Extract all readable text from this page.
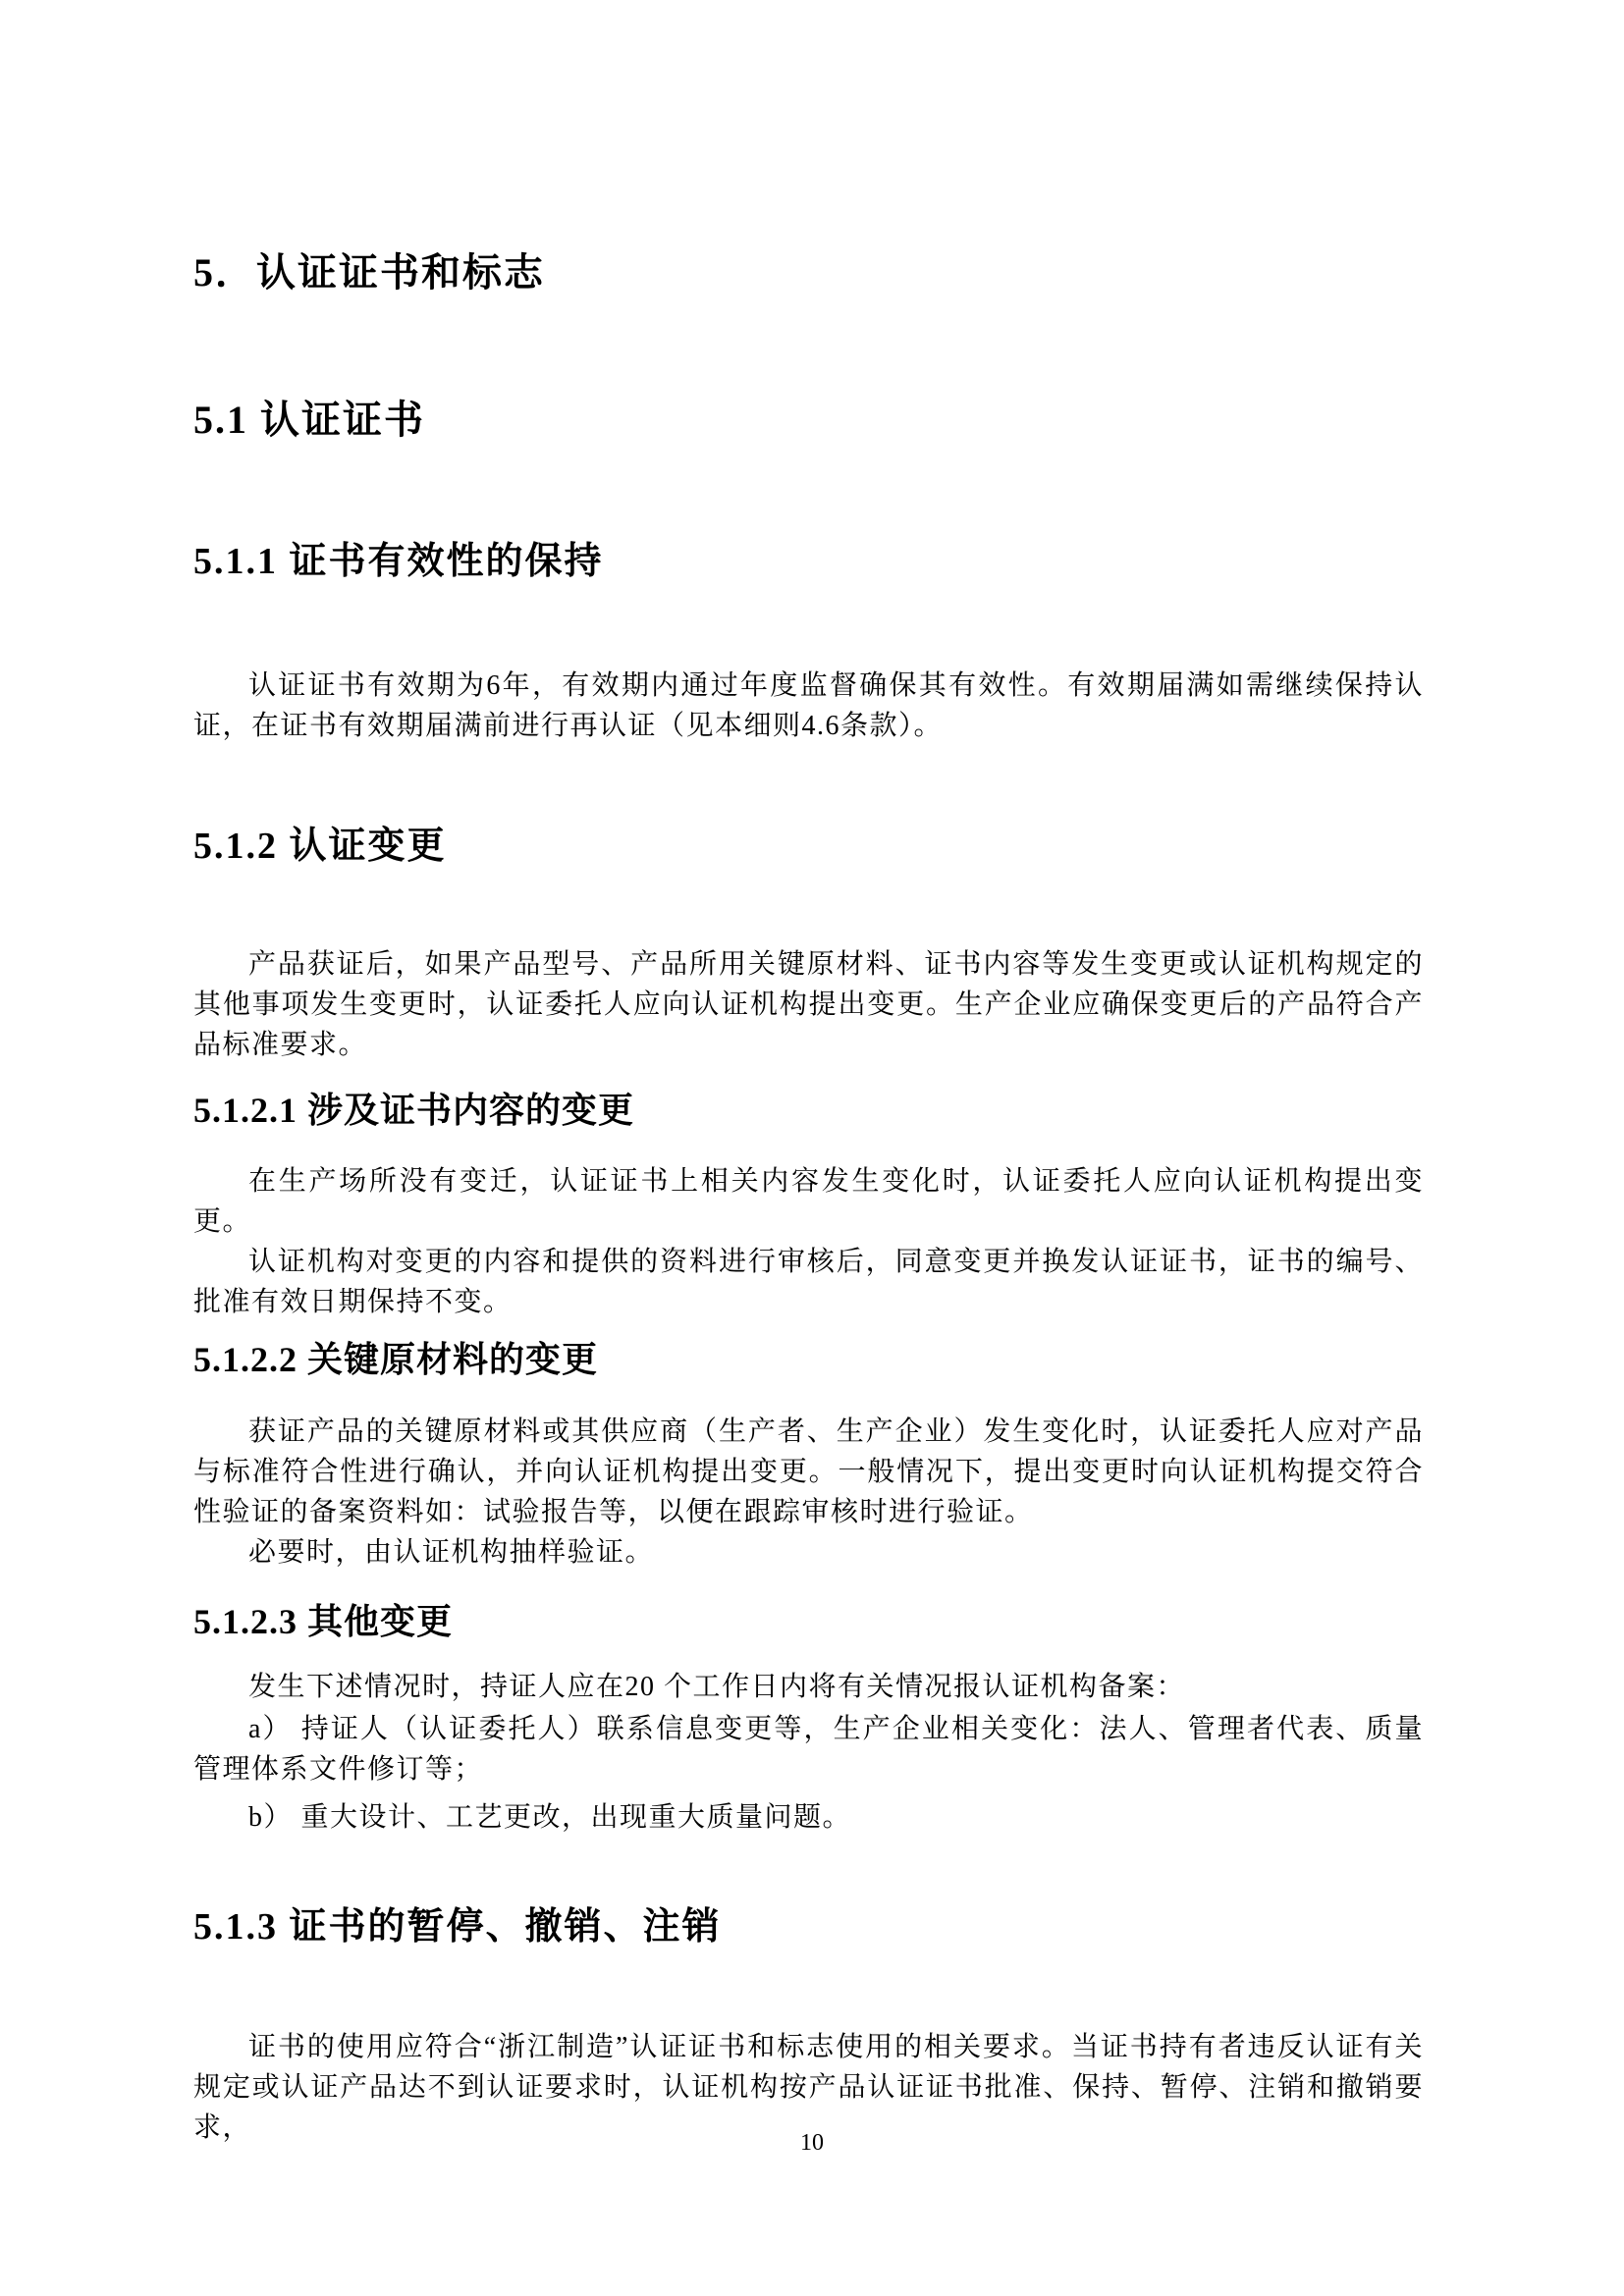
5．认证证书和标志
5.1 认证证书
5.1.1 证书有效性的保持

认证证书有效期为6年，有效期内通过年度监督确保其有效性。有效期届满如需继续保持认证，在证书有效期届满前进行再认证（见本细则4.6条款）。

5.1.2 认证变更

产品获证后，如果产品型号、产品所用关键原材料、证书内容等发生变更或认证机构规定的其他事项发生变更时，认证委托人应向认证机构提出变更。生产企业应确保变更后的产品符合产品标准要求。

5.1.2.1 涉及证书内容的变更

在生产场所没有变迁，认证证书上相关内容发生变化时，认证委托人应向认证机构提出变更。

认证机构对变更的内容和提供的资料进行审核后，同意变更并换发认证证书，证书的编号、批准有效日期保持不变。

5.1.2.2 关键原材料的变更

获证产品的关键原材料或其供应商（生产者、生产企业）发生变化时，认证委托人应对产品与标准符合性进行确认，并向认证机构提出变更。一般情况下，提出变更时向认证机构提交符合性验证的备案资料如：试验报告等，以便在跟踪审核时进行验证。

必要时，由认证机构抽样验证。

5.1.2.3 其他变更

发生下述情况时，持证人应在20 个工作日内将有关情况报认证机构备案：

a） 持证人（认证委托人）联系信息变更等，生产企业相关变化：法人、管理者代表、质量管理体系文件修订等；

b） 重大设计、工艺更改，出现重大质量问题。

5.1.3 证书的暂停、撤销、注销

证书的使用应符合“浙江制造”认证证书和标志使用的相关要求。当证书持有者违反认证有关规定或认证产品达不到认证要求时，认证机构按产品认证证书批准、保持、暂停、注销和撤销要求，	10
